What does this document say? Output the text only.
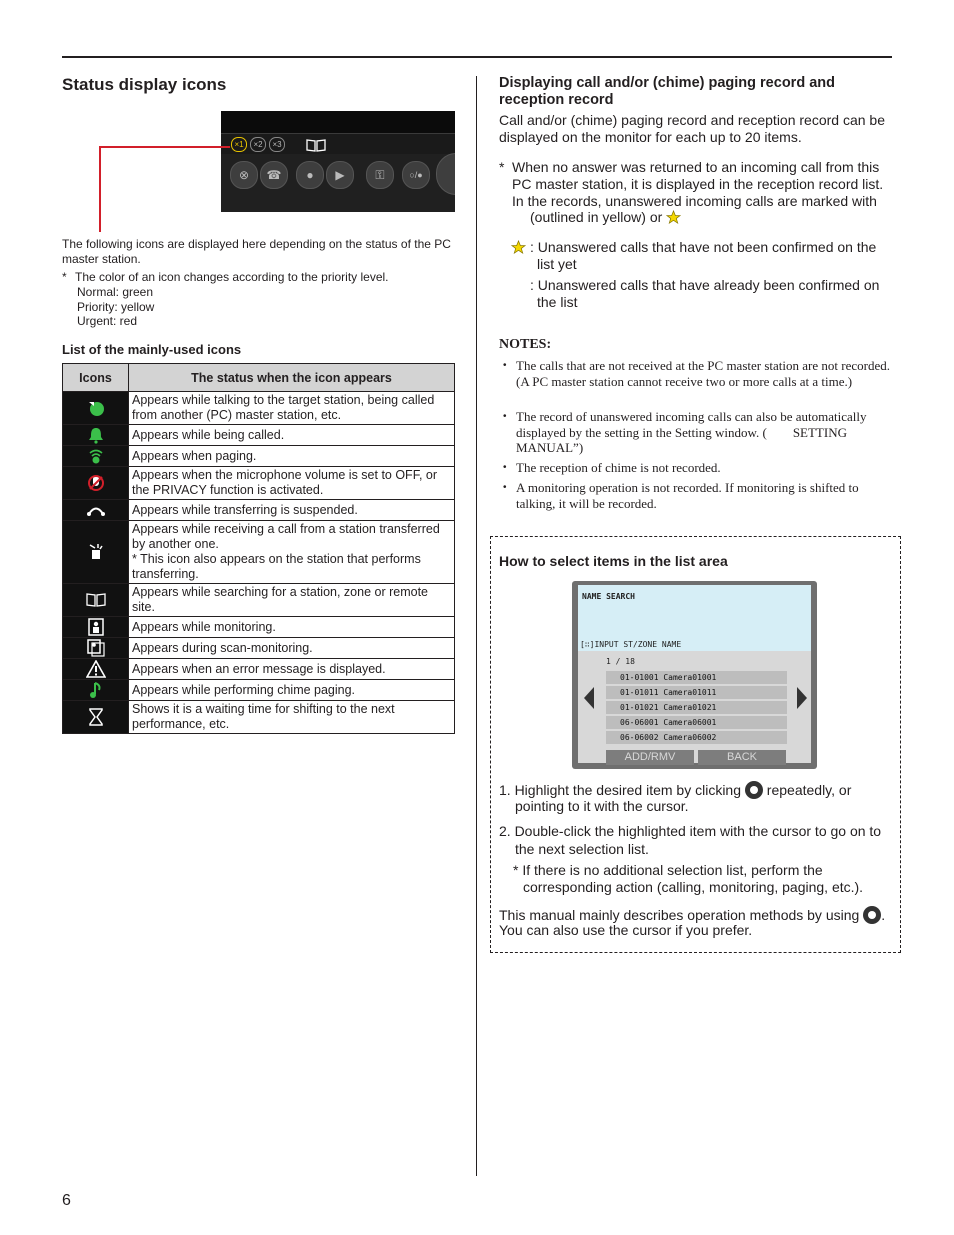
Status display icons
×1	×2	×3
⊗	☎	●	▶	⚿	○/●
The following icons are displayed here depending on the status of the PC master station.
* The color of an icon changes according to the priority level.
Normal: green
Priority: yellow
Urgent: red
List of the mainly-used icons
Icons	The status when the icon appears
	Appears while talking to the target station, being called from another (PC) master station, etc.
	Appears while being called.
	Appears when paging.
	Appears when the microphone volume is set to OFF, or the PRIVACY function is activated.
	Appears while transferring is suspended.
	Appears while receiving a call from a station transferred by another one.
* This icon also appears on the station that performs transferring.
	Appears while searching for a station, zone or remote site.
	Appears while monitoring.
	Appears during scan-monitoring.
	Appears when an error message is displayed.
	Appears while performing chime paging.
	Shows it is a waiting time for shifting to the next performance, etc.
Displaying call and/or (chime) paging record and reception record
Call and/or (chime) paging record and reception record can be displayed on the monitor for each up to 20 items.
* When no answer was returned to an incoming call from this PC master station, it is displayed in the reception record list. In the records, unanswered incoming calls are marked with
(outlined in yellow) or
: Unanswered calls that have not been confirmed on the list yet
: Unanswered calls that have already been confirmed on the list
NOTES:
• The calls that are not received at the PC master station are not recorded. (A PC master station cannot receive two or more calls at a time.)
• The record of unanswered incoming calls can also be automatically displayed by the setting in the Setting window. (  SETTING MANUAL”)
• The reception of chime is not recorded.
• A monitoring operation is not recorded. If monitoring is shifted to talking, it will be recorded.
How to select items in the list area
NAME SEARCH
[∷]INPUT ST/ZONE NAME
1 / 18
01-01001 Camera01001
01-01011 Camera01011
01-01021 Camera01021
06-06001 Camera06001
06-06002 Camera06002
ADD/RMV	BACK
1. Highlight the desired item by clicking repeatedly, or
pointing to it with the cursor.
2. Double-click the highlighted item with the cursor to go on to
the next selection list.
* If there is no additional selection list, perform the
corresponding action (calling, monitoring, paging, etc.).
This manual mainly describes operation methods by using .
You can also use the cursor if you prefer.
6
